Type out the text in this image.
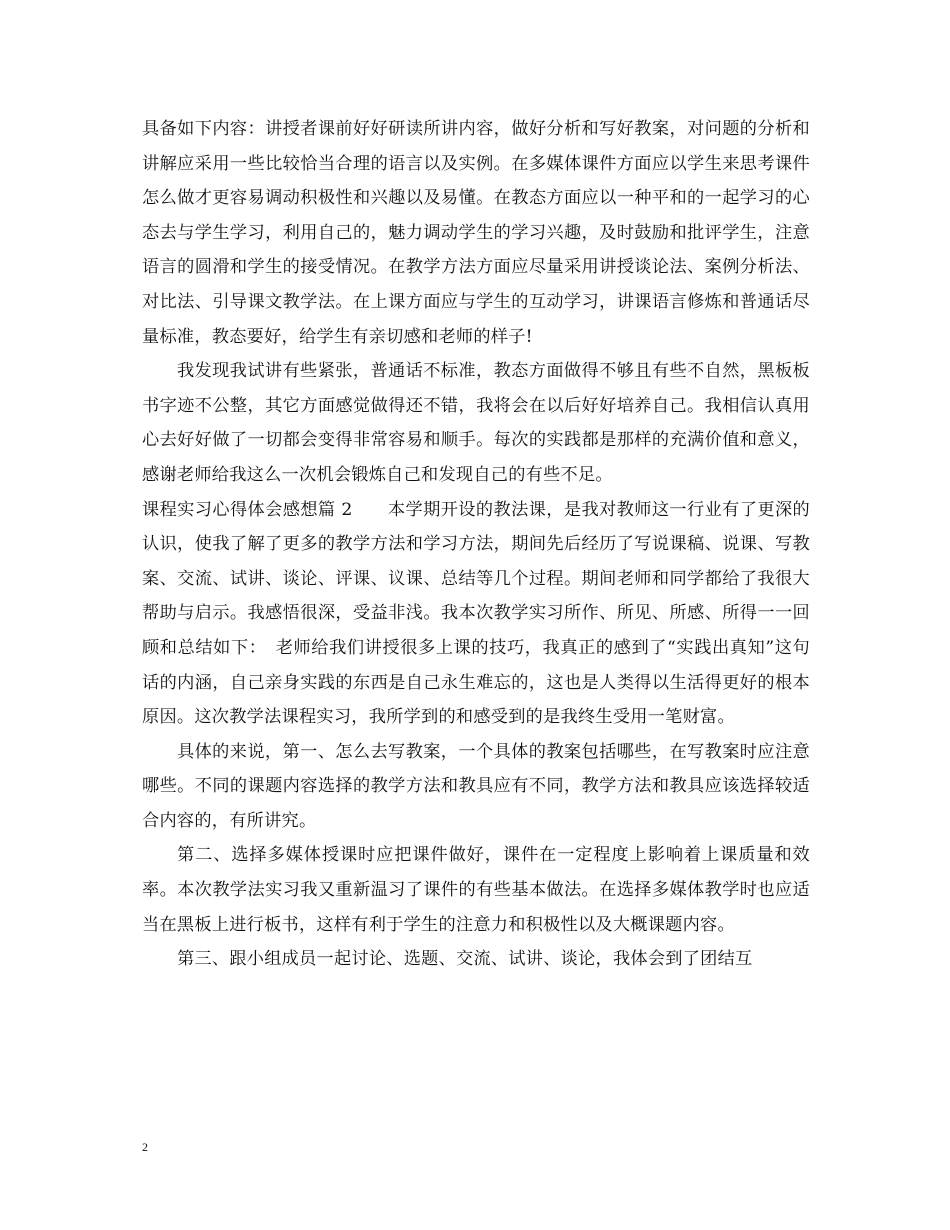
具备如下内容：讲授者课前好好研读所讲内容，做好分析和写好教案，对问题的分析和讲解应采用一些比较恰当合理的语言以及实例。在多媒体课件方面应以学生来思考课件怎么做才更容易调动积极性和兴趣以及易懂。在教态方面应以一种平和的一起学习的心态去与学生学习，利用自己的，魅力调动学生的学习兴趣，及时鼓励和批评学生，注意语言的圆滑和学生的接受情况。在教学方法方面应尽量采用讲授谈论法、案例分析法、对比法、引导课文教学法。在上课方面应与学生的互动学习，讲课语言修炼和普通话尽量标准，教态要好，给学生有亲切感和老师的样子!

我发现我试讲有些紧张，普通话不标准，教态方面做得不够且有些不自然，黑板板书字迹不公整，其它方面感觉做得还不错，我将会在以后好好培养自己。我相信认真用心去好好做了一切都会变得非常容易和顺手。每次的实践都是那样的充满价值和意义，感谢老师给我这么一次机会锻炼自己和发现自己的有些不足。

课程实习心得体会感想篇 2　　本学期开设的教法课，是我对教师这一行业有了更深的认识，使我了解了更多的教学方法和学习方法，期间先后经历了写说课稿、说课、写教案、交流、试讲、谈论、评课、议课、总结等几个过程。期间老师和同学都给了我很大帮助与启示。我感悟很深，受益非浅。我本次教学实习所作、所见、所感、所得一一回顾和总结如下：　老师给我们讲授很多上课的技巧，我真正的感到了“实践出真知”这句话的内涵，自己亲身实践的东西是自己永生难忘的，这也是人类得以生活得更好的根本原因。这次教学法课程实习，我所学到的和感受到的是我终生受用一笔财富。

具体的来说，第一、怎么去写教案，一个具体的教案包括哪些，在写教案时应注意哪些。不同的课题内容选择的教学方法和教具应有不同，教学方法和教具应该选择较适合内容的，有所讲究。

第二、选择多媒体授课时应把课件做好，课件在一定程度上影响着上课质量和效率。本次教学法实习我又重新温习了课件的有些基本做法。在选择多媒体教学时也应适当在黑板上进行板书，这样有利于学生的注意力和积极性以及大概课题内容。

第三、跟小组成员一起讨论、选题、交流、试讲、谈论，我体会到了团结互

2
